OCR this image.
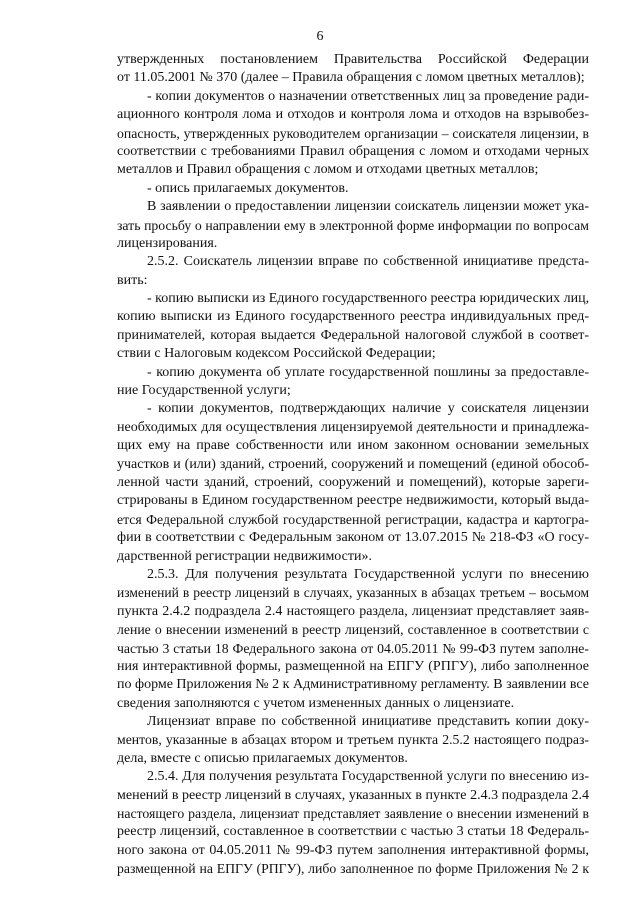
6
утвержденных постановлением Правительства Российской Федерации
от 11.05.2001 № 370 (далее – Правила обращения с ломом цветных металлов);
- копии документов о назначении ответственных лиц за проведение ради-
ационного контроля лома и отходов и контроля лома и отходов на взрывобез-
опасность, утвержденных руководителем организации – соискателя лицензии, в
соответствии с требованиями Правил обращения с ломом и отходами черных
металлов и Правил обращения с ломом и отходами цветных металлов;
- опись прилагаемых документов.
В заявлении о предоставлении лицензии соискатель лицензии может ука-
зать просьбу о направлении ему в электронной форме информации по вопросам
лицензирования.
2.5.2. Соискатель лицензии вправе по собственной инициативе предста-
вить:
- копию выписки из Единого государственного реестра юридических лиц,
копию выписки из Единого государственного реестра индивидуальных пред-
принимателей, которая выдается Федеральной налоговой службой в соответ-
ствии с Налоговым кодексом Российской Федерации;
- копию документа об уплате государственной пошлины за предоставле-
ние Государственной услуги;
- копии документов, подтверждающих наличие у соискателя лицензии
необходимых для осуществления лицензируемой деятельности и принадлежа-
щих ему на праве собственности или ином законном основании земельных
участков и (или) зданий, строений, сооружений и помещений (единой обособ-
ленной части зданий, строений, сооружений и помещений), которые зареги-
стрированы в Едином государственном реестре недвижимости, который выда-
ется Федеральной службой государственной регистрации, кадастра и картогра-
фии в соответствии с Федеральным законом от 13.07.2015 № 218-ФЗ «О госу-
дарственной регистрации недвижимости».
2.5.3. Для получения результата Государственной услуги по внесению
изменений в реестр лицензий в случаях, указанных в абзацах третьем – восьмом
пункта 2.4.2 подраздела 2.4 настоящего раздела, лицензиат представляет заяв-
ление о внесении изменений в реестр лицензий, составленное в соответствии с
частью 3 статьи 18 Федерального закона от 04.05.2011 № 99-ФЗ путем заполне-
ния интерактивной формы, размещенной на ЕПГУ (РПГУ), либо заполненное
по форме Приложения № 2 к Административному регламенту. В заявлении все
сведения заполняются с учетом измененных данных о лицензиате.
Лицензиат вправе по собственной инициативе представить копии доку-
ментов, указанные в абзацах втором и третьем пункта 2.5.2 настоящего подраз-
дела, вместе с описью прилагаемых документов.
2.5.4. Для получения результата Государственной услуги по внесению из-
менений в реестр лицензий в случаях, указанных в пункте 2.4.3 подраздела 2.4
настоящего раздела, лицензиат представляет заявление о внесении изменений в
реестр лицензий, составленное в соответствии с частью 3 статьи 18 Федераль-
ного закона от 04.05.2011 № 99-ФЗ путем заполнения интерактивной формы,
размещенной на ЕПГУ (РПГУ), либо заполненное по форме Приложения № 2 к
